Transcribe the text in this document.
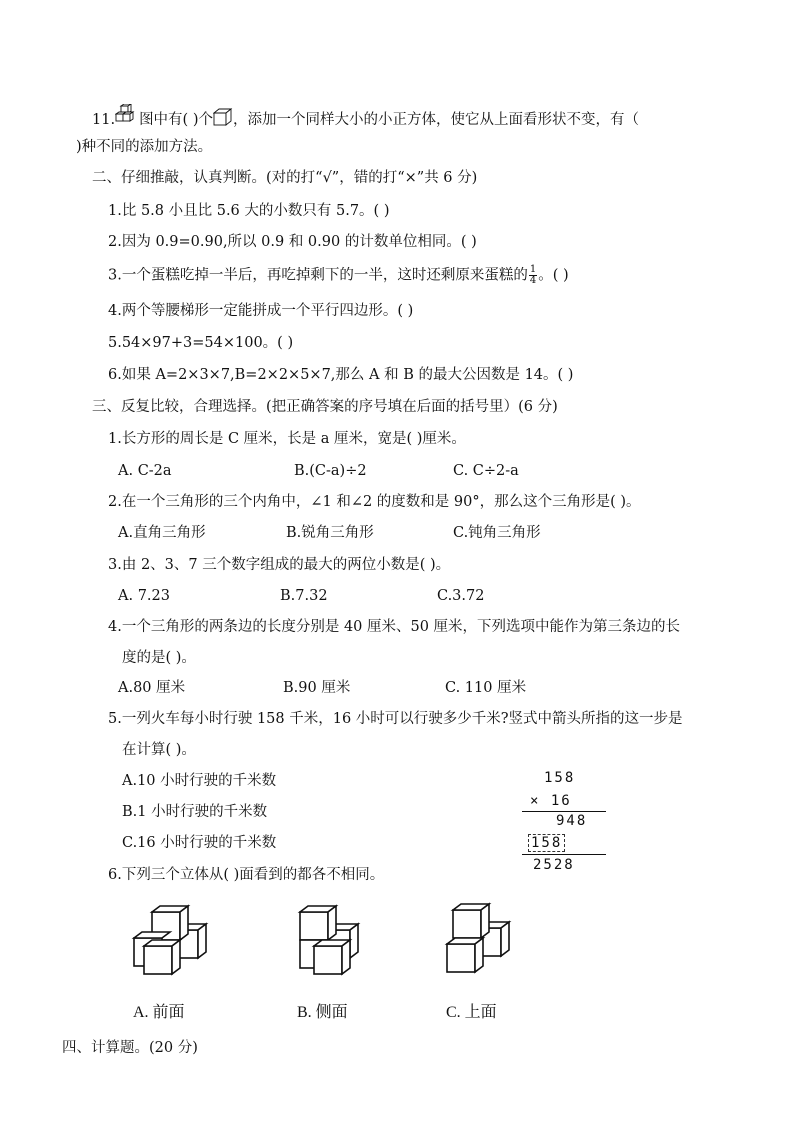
11. 图中有( )个 ，添加一个同样大小的小正方体，使它从上面看形状不变，有（
)种不同的添加方法。
二、仔细推敲，认真判断。(对的打“√”，错的打“×”共 6 分)
1.比 5.8 小且比 5.6 大的小数只有 5.7。( )
2.因为 0.9=0.90,所以 0.9 和 0.90 的计数单位相同。( )
3.一个蛋糕吃掉一半后，再吃掉剩下的一半，这时还剩原来蛋糕的 $\frac{1}{4}$ 。( )
4.两个等腰梯形一定能拼成一个平行四边形。( )
5.54×97+3=54×100。( )
6.如果 A=2×3×7,B=2×2×5×7,那么 A 和 B 的最大公因数是 14。( )
三、反复比较，合理选择。(把正确答案的序号填在后面的括号里）(6 分)
1.长方形的周长是 C 厘米，长是 a 厘米，宽是( )厘米。
A. C-2a	B.(C-a)÷2	C. C÷2-a
2.在一个三角形的三个内角中，∠1 和∠2 的度数和是 90°，那么这个三角形是( )。
A.直角三角形	B.锐角三角形	C.钝角三角形
3.由 2、3、7 三个数字组成的最大的两位小数是( )。
A. 7.23	B.7.32	C.3.72
4.一个三角形的两条边的长度分别是 40 厘米、50 厘米，下列选项中能作为第三条边的长
度的是( )。
A.80 厘米	B.90 厘米	C. 110 厘米
5.一列火车每小时行驶 158 千米，16 小时可以行驶多少千米?竖式中箭头所指的这一步是
在计算( )。
A.10 小时行驶的千米数
B.1 小时行驶的千米数
C.16 小时行驶的千米数
158
× 16
948
158
2528
6.下列三个立体从( )面看到的都各不相同。
A. 前面	B. 侧面	C. 上面
四、计算题。(20 分)
